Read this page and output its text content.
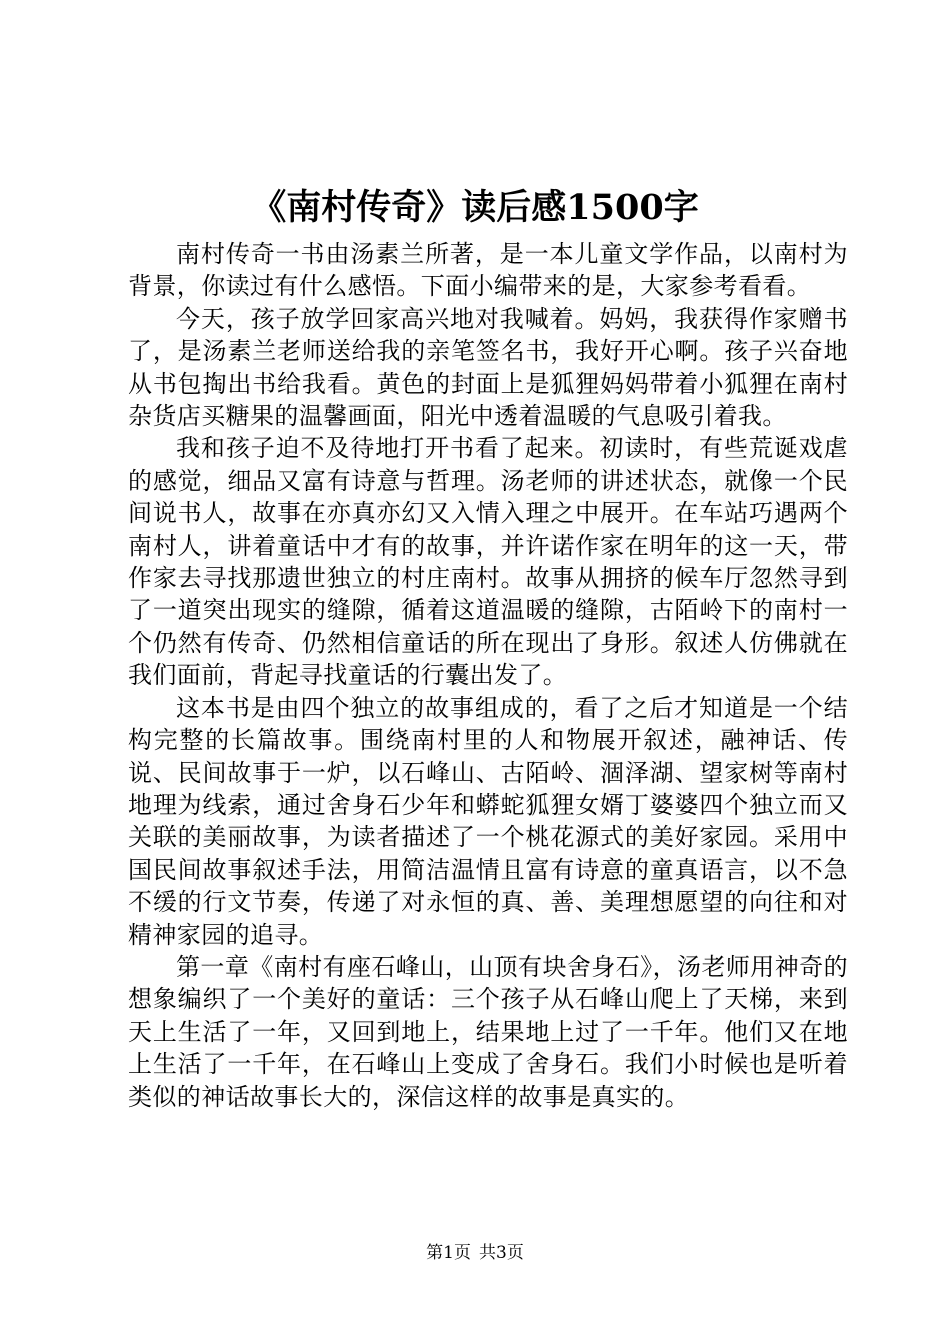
《南村传奇》读后感1500字

南村传奇一书由汤素兰所著，是一本儿童文学作品，以南村为背景，你读过有什么感悟。下面小编带来的是，大家参考看看。

今天，孩子放学回家高兴地对我喊着。妈妈，我获得作家赠书了，是汤素兰老师送给我的亲笔签名书，我好开心啊。孩子兴奋地从书包掏出书给我看。黄色的封面上是狐狸妈妈带着小狐狸在南村杂货店买糖果的温馨画面，阳光中透着温暖的气息吸引着我。

我和孩子迫不及待地打开书看了起来。初读时，有些荒诞戏虐的感觉，细品又富有诗意与哲理。汤老师的讲述状态，就像一个民间说书人，故事在亦真亦幻又入情入理之中展开。在车站巧遇两个南村人，讲着童话中才有的故事，并许诺作家在明年的这一天，带作家去寻找那遗世独立的村庄南村。故事从拥挤的候车厅忽然寻到了一道突出现实的缝隙，循着这道温暖的缝隙，古陌岭下的南村一个仍然有传奇、仍然相信童话的所在现出了身形。叙述人仿佛就在我们面前，背起寻找童话的行囊出发了。

这本书是由四个独立的故事组成的，看了之后才知道是一个结构完整的长篇故事。围绕南村里的人和物展开叙述，融神话、传说、民间故事于一炉，以石峰山、古陌岭、涸泽湖、望家树等南村地理为线索，通过舍身石少年和蟒蛇狐狸女婿丁婆婆四个独立而又关联的美丽故事，为读者描述了一个桃花源式的美好家园。采用中国民间故事叙述手法，用简洁温情且富有诗意的童真语言，以不急不缓的行文节奏，传递了对永恒的真、善、美理想愿望的向往和对精神家园的追寻。

第一章《南村有座石峰山，山顶有块舍身石》，汤老师用神奇的想象编织了一个美好的童话：三个孩子从石峰山爬上了天梯，来到天上生活了一年，又回到地上，结果地上过了一千年。他们又在地上生活了一千年，在石峰山上变成了舍身石。我们小时候也是听着类似的神话故事长大的，深信这样的故事是真实的。

第1页 共3页
